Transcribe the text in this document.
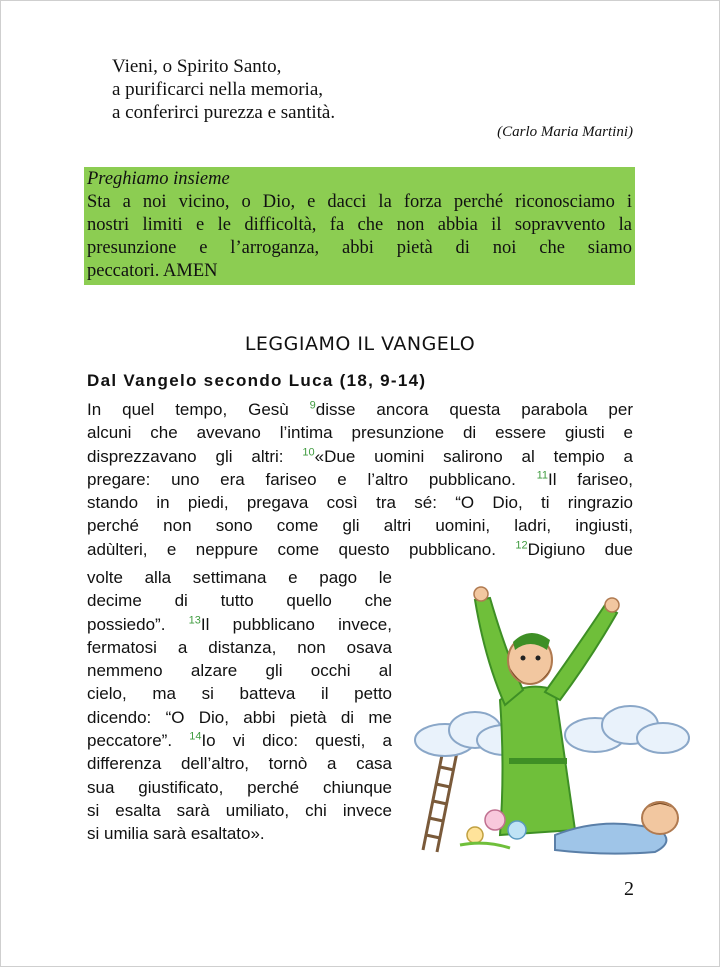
Vieni, o Spirito Santo,
a purificarci nella memoria,
a conferirci purezza e santità.
(Carlo Maria Martini)
Preghiamo insieme
Sta a noi vicino, o Dio, e dacci la forza perché riconosciamo i
nostri limiti e le difficoltà, fa che non abbia il sopravvento la
presunzione e l’arroganza, abbi pietà di noi che siamo
peccatori. AMEN
LEGGIAMO IL VANGELO
Dal Vangelo secondo Luca (18, 9-14)
In quel tempo, Gesù $^9$disse ancora questa parabola per
alcuni che avevano l’intima presunzione di essere giusti e
disprezzavano gli altri: $^{10}$«Due uomini salirono al tempio a
pregare: uno era fariseo e l’altro pubblicano. $^{11}$Il fariseo,
stando in piedi, pregava così tra sé: “O Dio, ti ringrazio
perché non sono come gli altri uomini, ladri, ingiusti,
adùlteri, e neppure come questo pubblicano. $^{12}$Digiuno due
volte alla settimana e pago le
decime di tutto quello che
possiedo”. $^{13}$Il pubblicano invece,
fermatosi a distanza, non osava
nemmeno alzare gli occhi al
cielo, ma si batteva il petto
dicendo: “O Dio, abbi pietà di me
peccatore”. $^{14}$Io vi dico: questi, a
differenza dell’altro, tornò a casa
sua giustificato, perché chiunque
si esalta sarà umiliato, chi invece
si umilia sarà esaltato».
2
